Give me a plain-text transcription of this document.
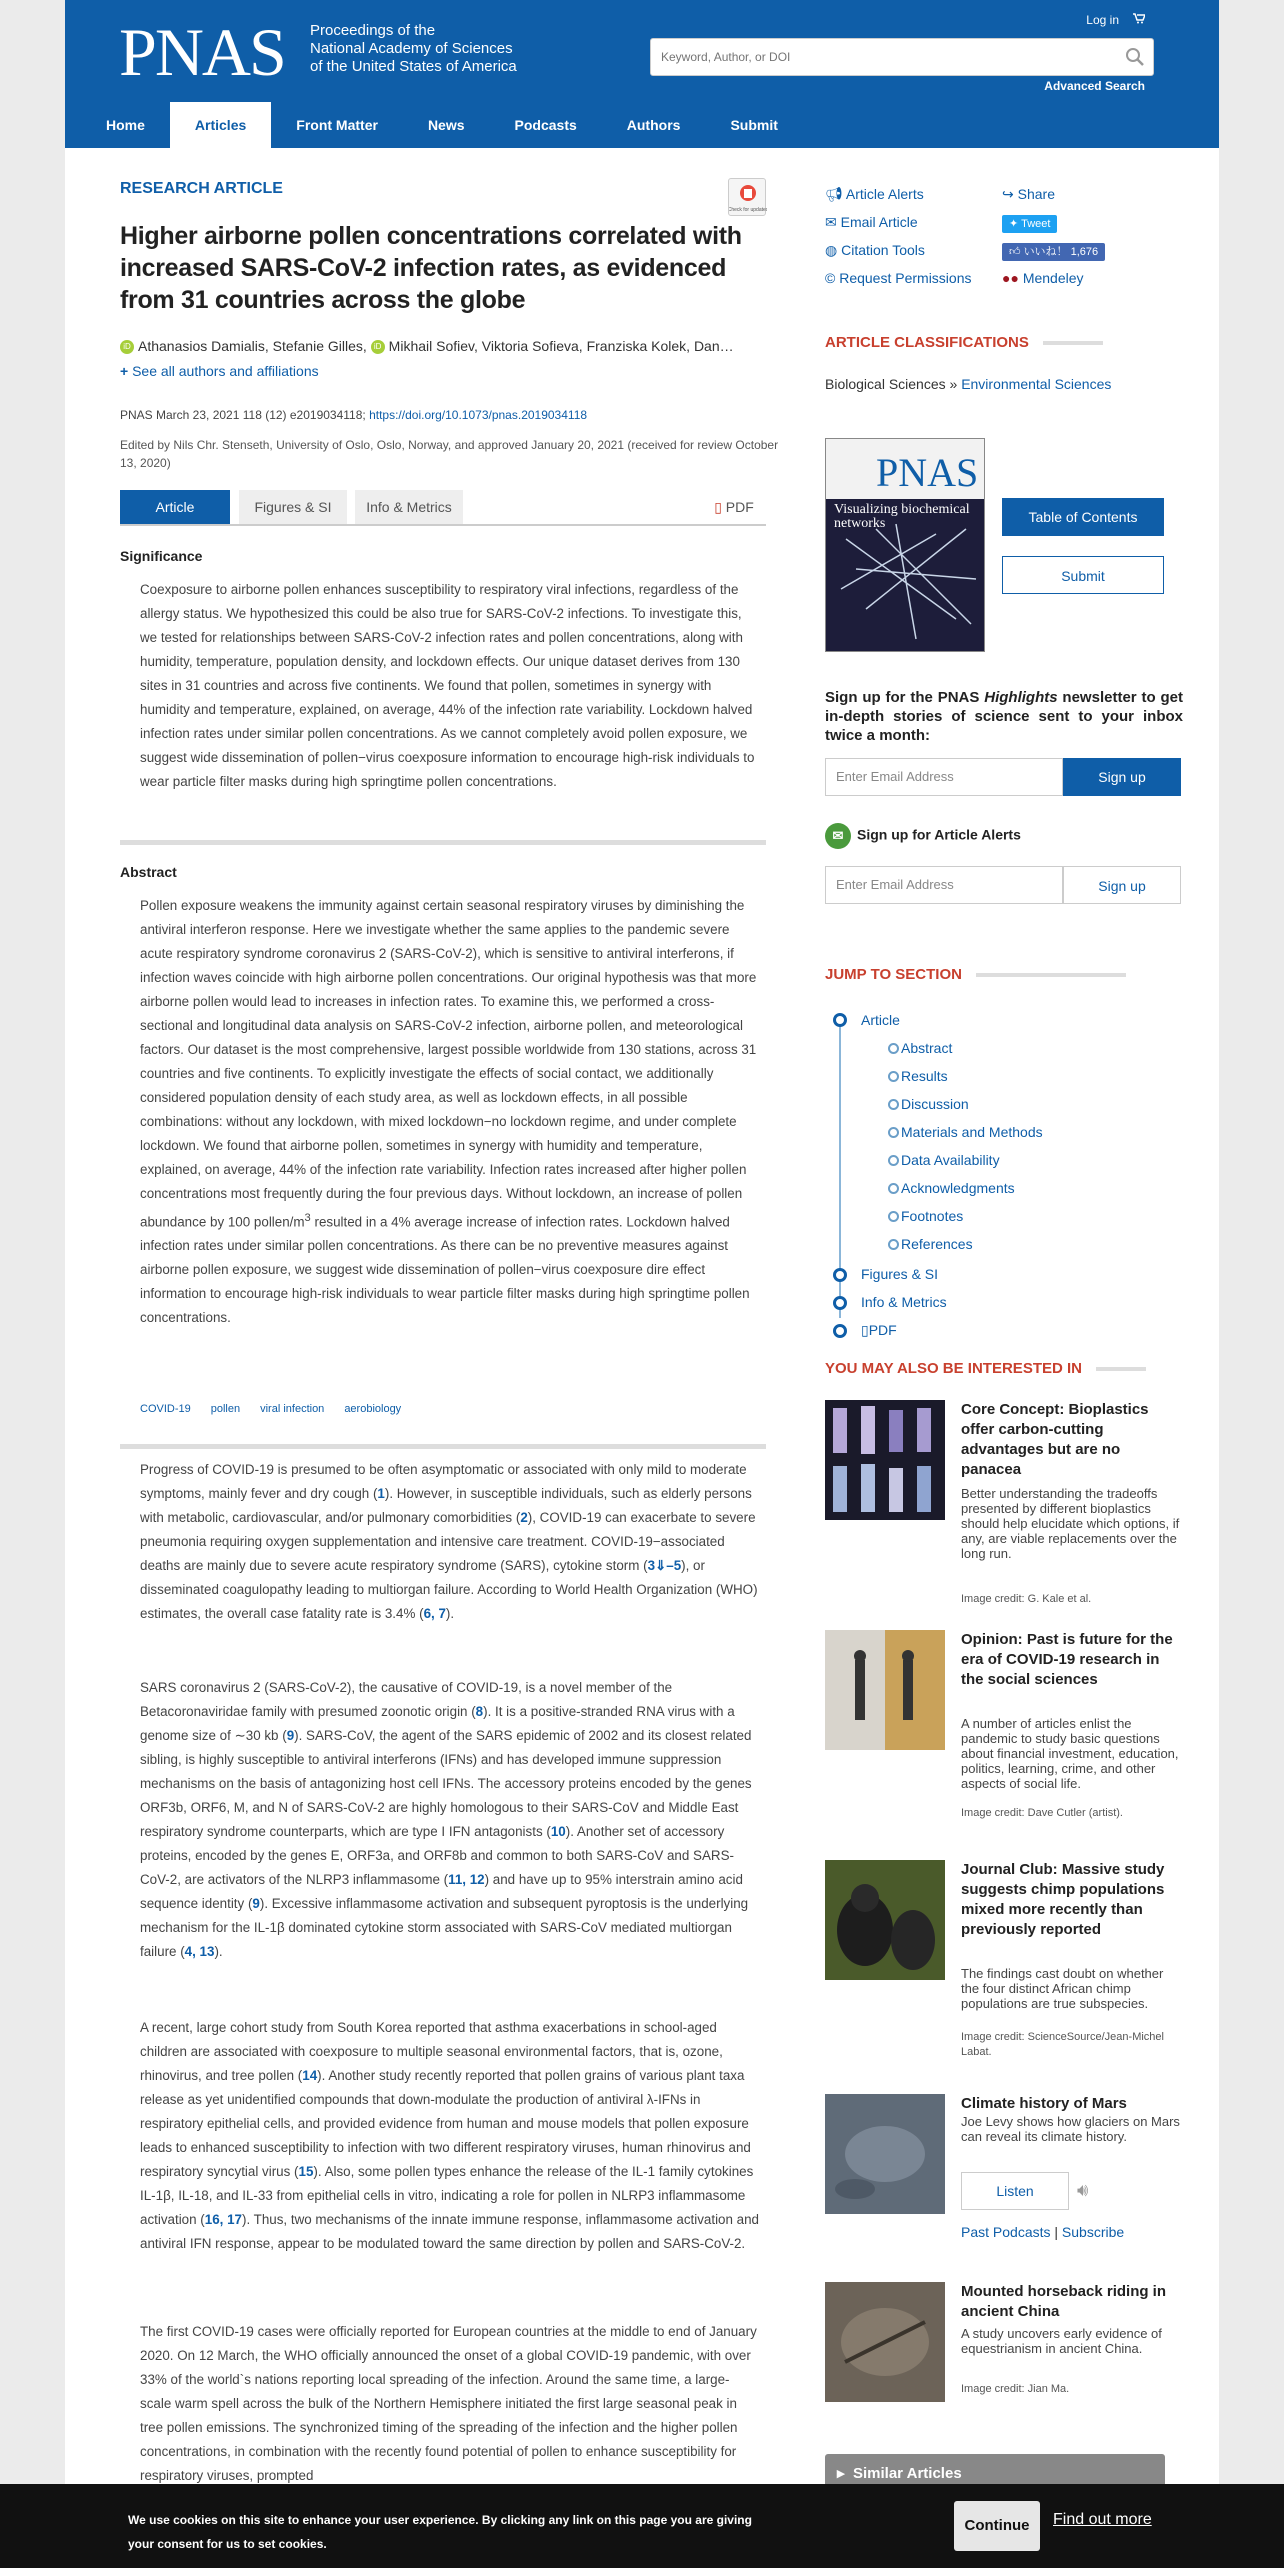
PNAS Proceedings of the
National Academy of Sciences
of the United States of America
Log in
Keyword, Author, or DOI
Advanced Search
Home	Articles	Front Matter	News	Podcasts	Authors	Submit
RESEARCH ARTICLE
Check for updates
Higher airborne pollen concentrations correlated with increased SARS-CoV-2 infection rates, as evidenced from 31 countries across the globe
iD Athanasios Damialis, Stefanie Gilles, iD Mikhail Sofiev, Viktoria Sofieva, Franziska Kolek, Dan…
+ See all authors and affiliations
PNAS March 23, 2021 118 (12) e2019034118; https://doi.org/10.1073/pnas.2019034118
Edited by Nils Chr. Stenseth, University of Oslo, Oslo, Norway, and approved January 20, 2021 (received for review October 13, 2020)
Article	Figures & SI	Info & Metrics	▯ PDF
Significance
Coexposure to airborne pollen enhances susceptibility to respiratory viral infections, regardless of the allergy status. We hypothesized this could be also true for SARS-CoV-2 infections. To investigate this, we tested for relationships between SARS-CoV-2 infection rates and pollen concentrations, along with humidity, temperature, population density, and lockdown effects. Our unique dataset derives from 130 sites in 31 countries and across five continents. We found that pollen, sometimes in synergy with humidity and temperature, explained, on average, 44% of the infection rate variability. Lockdown halved infection rates under similar pollen concentrations. As we cannot completely avoid pollen exposure, we suggest wide dissemination of pollen−virus coexposure information to encourage high-risk individuals to wear particle filter masks during high springtime pollen concentrations.
Abstract
Pollen exposure weakens the immunity against certain seasonal respiratory viruses by diminishing the antiviral interferon response. Here we investigate whether the same applies to the pandemic severe acute respiratory syndrome coronavirus 2 (SARS-CoV-2), which is sensitive to antiviral interferons, if infection waves coincide with high airborne pollen concentrations. Our original hypothesis was that more airborne pollen would lead to increases in infection rates. To examine this, we performed a cross-sectional and longitudinal data analysis on SARS-CoV-2 infection, airborne pollen, and meteorological factors. Our dataset is the most comprehensive, largest possible worldwide from 130 stations, across 31 countries and five continents. To explicitly investigate the effects of social contact, we additionally considered population density of each study area, as well as lockdown effects, in all possible combinations: without any lockdown, with mixed lockdown−no lockdown regime, and under complete lockdown. We found that airborne pollen, sometimes in synergy with humidity and temperature, explained, on average, 44% of the infection rate variability. Infection rates increased after higher pollen concentrations most frequently during the four previous days. Without lockdown, an increase of pollen abundance by 100 pollen/$m^3$ resulted in a 4% average increase of infection rates. Lockdown halved infection rates under similar pollen concentrations. As there can be no preventive measures against airborne pollen exposure, we suggest wide dissemination of pollen−virus coexposure dire effect information to encourage high-risk individuals to wear particle filter masks during high springtime pollen concentrations.
COVID-19 pollen viral infection aerobiology
Progress of COVID-19 is presumed to be often asymptomatic or associated with only mild to moderate symptoms, mainly fever and dry cough (1). However, in susceptible individuals, such as elderly persons with metabolic, cardiovascular, and/or pulmonary comorbidities (2), COVID-19 can exacerbate to severe pneumonia requiring oxygen supplementation and intensive care treatment. COVID-19−associated deaths are mainly due to severe acute respiratory syndrome (SARS), cytokine storm (3⇓–5), or disseminated coagulopathy leading to multiorgan failure. According to World Health Organization (WHO) estimates, the overall case fatality rate is 3.4% (6, 7).
SARS coronavirus 2 (SARS-CoV-2), the causative of COVID-19, is a novel member of the Betacoronaviridae family with presumed zoonotic origin (8). It is a positive-stranded RNA virus with a genome size of ∼30 kb (9). SARS-CoV, the agent of the SARS epidemic of 2002 and its closest related sibling, is highly susceptible to antiviral interferons (IFNs) and has developed immune suppression mechanisms on the basis of antagonizing host cell IFNs. The accessory proteins encoded by the genes ORF3b, ORF6, M, and N of SARS-CoV-2 are highly homologous to their SARS-CoV and Middle East respiratory syndrome counterparts, which are type I IFN antagonists (10). Another set of accessory proteins, encoded by the genes E, ORF3a, and ORF8b and common to both SARS-CoV and SARS-CoV-2, are activators of the NLRP3 inflammasome (11, 12) and have up to 95% interstrain amino acid sequence identity (9). Excessive inflammasome activation and subsequent pyroptosis is the underlying mechanism for the IL-1β dominated cytokine storm associated with SARS-CoV mediated multiorgan failure (4, 13).
A recent, large cohort study from South Korea reported that asthma exacerbations in school-aged children are associated with coexposure to multiple seasonal environmental factors, that is, ozone, rhinovirus, and tree pollen (14). Another study recently reported that pollen grains of various plant taxa release as yet unidentified compounds that down-modulate the production of antiviral λ-IFNs in respiratory epithelial cells, and provided evidence from human and mouse models that pollen exposure leads to enhanced susceptibility to infection with two different respiratory viruses, human rhinovirus and respiratory syncytial virus (15). Also, some pollen types enhance the release of the IL-1 family cytokines IL-1β, IL-18, and IL-33 from epithelial cells in vitro, indicating a role for pollen in NLRP3 inflammasome activation (16, 17). Thus, two mechanisms of the innate immune response, inflammasome activation and antiviral IFN response, appear to be modulated toward the same direction by pollen and SARS-CoV-2.
The first COVID-19 cases were officially reported for European countries at the middle to end of January 2020. On 12 March, the WHO officially announced the onset of a global COVID-19 pandemic, with over 33% of the world`s nations reporting local spreading of the infection. Around the same time, a large-scale warm spell across the bulk of the Northern Hemisphere initiated the first large seasonal peak in tree pollen emissions. The synchronized timing of the spreading of the infection and the higher pollen concentrations, in combination with the recently found potential of pollen to enhance susceptibility for respiratory viruses, prompted
📢︎ Article Alerts
✉︎ Email Article
◍ Citation Tools
© Request Permissions
↪ Share
✦ Tweet
👍︎ いいね！ 1,676
●● Mendeley
ARTICLE CLASSIFICATIONS
Biological Sciences » Environmental Sciences
PNAS
Visualizing biochemical networks	Table of Contents
Submit
Sign up for the PNAS Highlights newsletter to get in-depth stories of science sent to your inbox twice a month:
Enter Email Address	Sign up
✉︎ Sign up for Article Alerts
Enter Email Address	Sign up
JUMP TO SECTION
Article
Abstract
Results
Discussion
Materials and Methods
Data Availability
Acknowledgments
Footnotes
References
Figures & SI
Info & Metrics
▯PDF
YOU MAY ALSO BE INTERESTED IN
Core Concept: Bioplastics offer carbon-cutting advantages but are no panacea
Better understanding the tradeoffs presented by different bioplastics should help elucidate which options, if any, are viable replacements over the long run.
Image credit: G. Kale et al.
Opinion: Past is future for the era of COVID-19 research in the social sciences
A number of articles enlist the pandemic to study basic questions about financial investment, education, politics, learning, crime, and other aspects of social life.
Image credit: Dave Cutler (artist).
Journal Club: Massive study suggests chimp populations mixed more recently than previously reported
The findings cast doubt on whether the four distinct African chimp populations are true subspecies.
Image credit: ScienceSource/Jean-Michel Labat.
Climate history of Mars
Joe Levy shows how glaciers on Mars can reveal its climate history.
Listen	🔊︎
Past Podcasts | Subscribe
Mounted horseback riding in ancient China
A study uncovers early evidence of equestrianism in ancient China.
Image credit: Jian Ma.
▸ Similar Articles
We use cookies on this site to enhance your user experience. By clicking any link on this page you are giving your consent for us to set cookies.
Continue	Find out more
